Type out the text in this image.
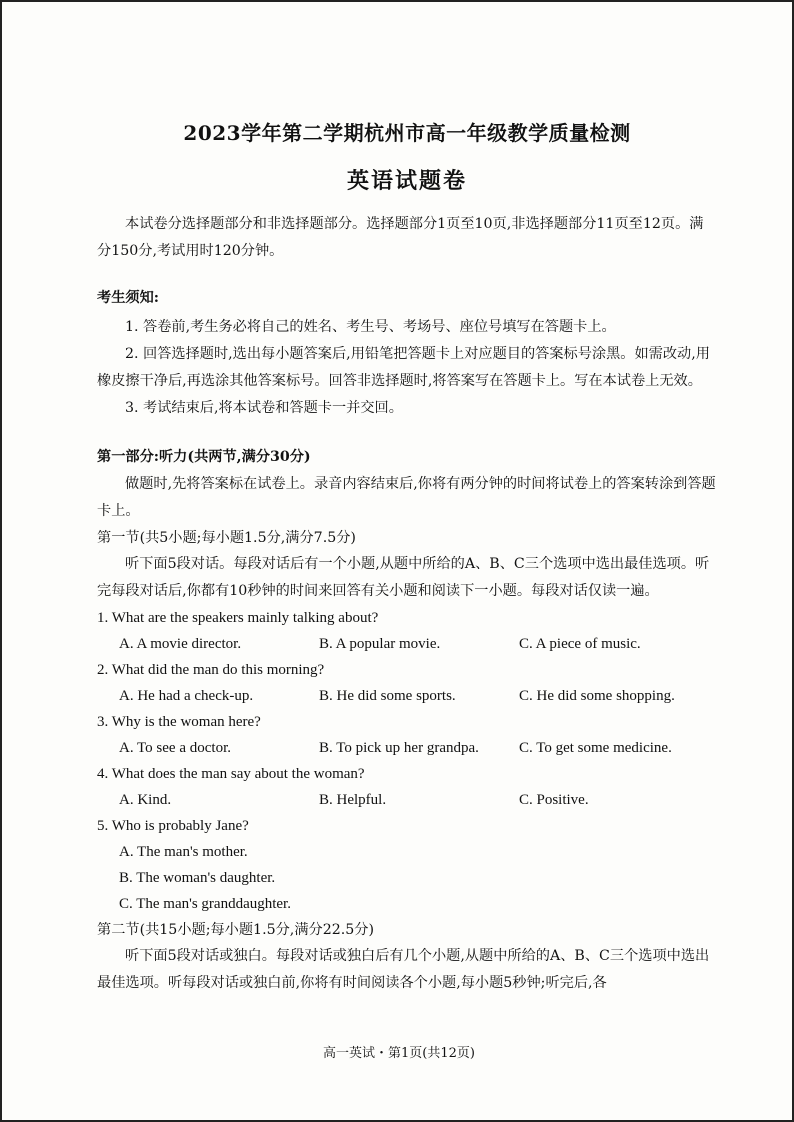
2023学年第二学期杭州市高一年级教学质量检测
英语试题卷

本试卷分选择题部分和非选择题部分。选择题部分1页至10页,非选择题部分11页至12页。满分150分,考试用时120分钟。

考生须知:

1. 答卷前,考生务必将自己的姓名、考生号、考场号、座位号填写在答题卡上。

2. 回答选择题时,选出每小题答案后,用铅笔把答题卡上对应题目的答案标号涂黑。如需改动,用橡皮擦干净后,再选涂其他答案标号。回答非选择题时,将答案写在答题卡上。写在本试卷上无效。

3. 考试结束后,将本试卷和答题卡一并交回。

第一部分:听力(共两节,满分30分)

做题时,先将答案标在试卷上。录音内容结束后,你将有两分钟的时间将试卷上的答案转涂到答题卡上。

第一节(共5小题;每小题1.5分,满分7.5分)

听下面5段对话。每段对话后有一个小题,从题中所给的A、B、C三个选项中选出最佳选项。听完每段对话后,你都有10秒钟的时间来回答有关小题和阅读下一小题。每段对话仅读一遍。

1. What are the speakers mainly talking about?
A. A movie director.	B. A popular movie.	C. A piece of music.
2. What did the man do this morning?
A. He had a check-up.	B. He did some sports.	C. He did some shopping.
3. Why is the woman here?
A. To see a doctor.	B. To pick up her grandpa.	C. To get some medicine.
4. What does the man say about the woman?
A. Kind.	B. Helpful.	C. Positive.
5. Who is probably Jane?
A. The man's mother.
B. The woman's daughter.
C. The man's granddaughter.
第二节(共15小题;每小题1.5分,满分22.5分)

听下面5段对话或独白。每段对话或独白后有几个小题,从题中所给的A、B、C三个选项中选出最佳选项。听每段对话或独白前,你将有时间阅读各个小题,每小题5秒钟;听完后,各

高一英试・第1页(共12页)
